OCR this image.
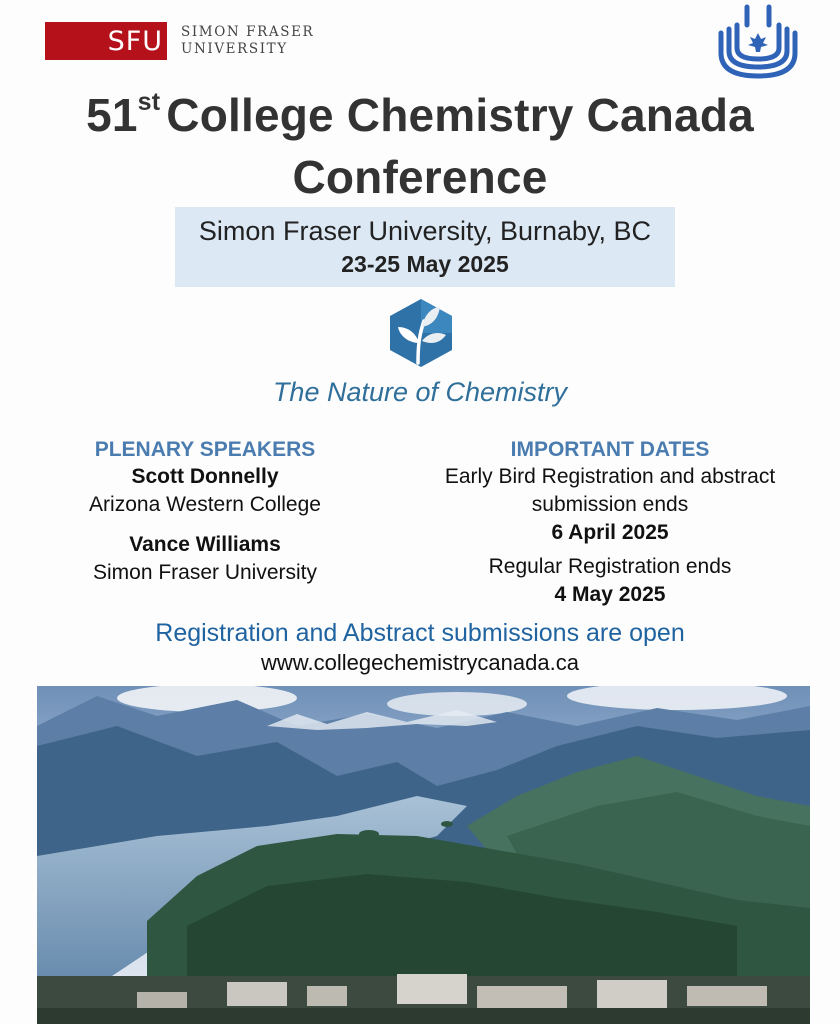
SFU SIMON FRASER
UNIVERSITY
51st College Chemistry Canada
Conference
Simon Fraser University, Burnaby, BC
23-25 May 2025
The Nature of Chemistry
PLENARY SPEAKERS
Scott Donnelly
Arizona Western College
Vance Williams
Simon Fraser University
IMPORTANT DATES
Early Bird Registration and abstract
submission ends
6 April 2025
Regular Registration ends
4 May 2025
Registration and Abstract submissions are open
www.collegechemistrycanada.ca
